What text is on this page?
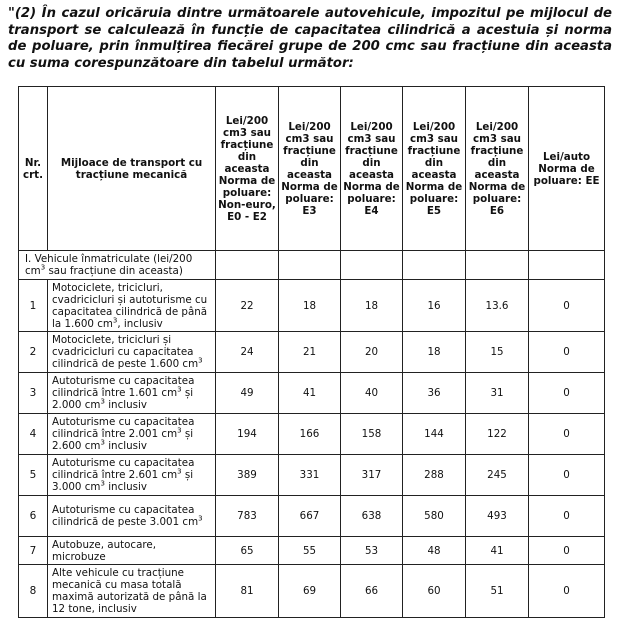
"(2) În cazul oricăruia dintre următoarele autovehicule, impozitul pe mijlocul de transport se calculează în funcție de capacitatea cilindrică a acestuia și norma de poluare, prin înmulțirea fiecărei grupe de 200 cmc sau fracțiune din aceasta cu suma corespunzătoare din tabelul următor:

Nr. crt.	Mijloace de transport cu tracțiune mecanică	Lei/200 cm3 sau fracțiune din aceasta Norma de poluare: Non-euro, E0 - E2	Lei/200 cm3 sau fracțiune din aceasta Norma de poluare: E3	Lei/200 cm3 sau fracțiune din aceasta Norma de poluare: E4	Lei/200 cm3 sau fracțiune din aceasta Norma de poluare: E5	Lei/200 cm3 sau fracțiune din aceasta Norma de poluare: E6	Lei/auto Norma de poluare: EE
I. Vehicule înmatriculate (lei/200 $cm^3$ sau fracțiune din aceasta)							
1	Motociclete, tricicluri, cvadricicluri și autoturisme cu capacitatea cilindrică de până la 1.600 $cm^3$, inclusiv	22	18	18	16	13.6	0
2	Motociclete, tricicluri și cvadricicluri cu capacitatea cilindrică de peste 1.600 $cm^3$	24	21	20	18	15	0
3	Autoturisme cu capacitatea cilindrică între 1.601 $cm^3$ și 2.000 $cm^3$ inclusiv	49	41	40	36	31	0
4	Autoturisme cu capacitatea cilindrică între 2.001 $cm^3$ și 2.600 $cm^3$ inclusiv	194	166	158	144	122	0
5	Autoturisme cu capacitatea cilindrică între 2.601 $cm^3$ și 3.000 $cm^3$ inclusiv	389	331	317	288	245	0
6	Autoturisme cu capacitatea cilindrică de peste 3.001 $cm^3$	783	667	638	580	493	0
7	Autobuze, autocare, microbuze	65	55	53	48	41	0
8	Alte vehicule cu tracțiune mecanică cu masa totală maximă autorizată de până la 12 tone, inclusiv	81	69	66	60	51	0
